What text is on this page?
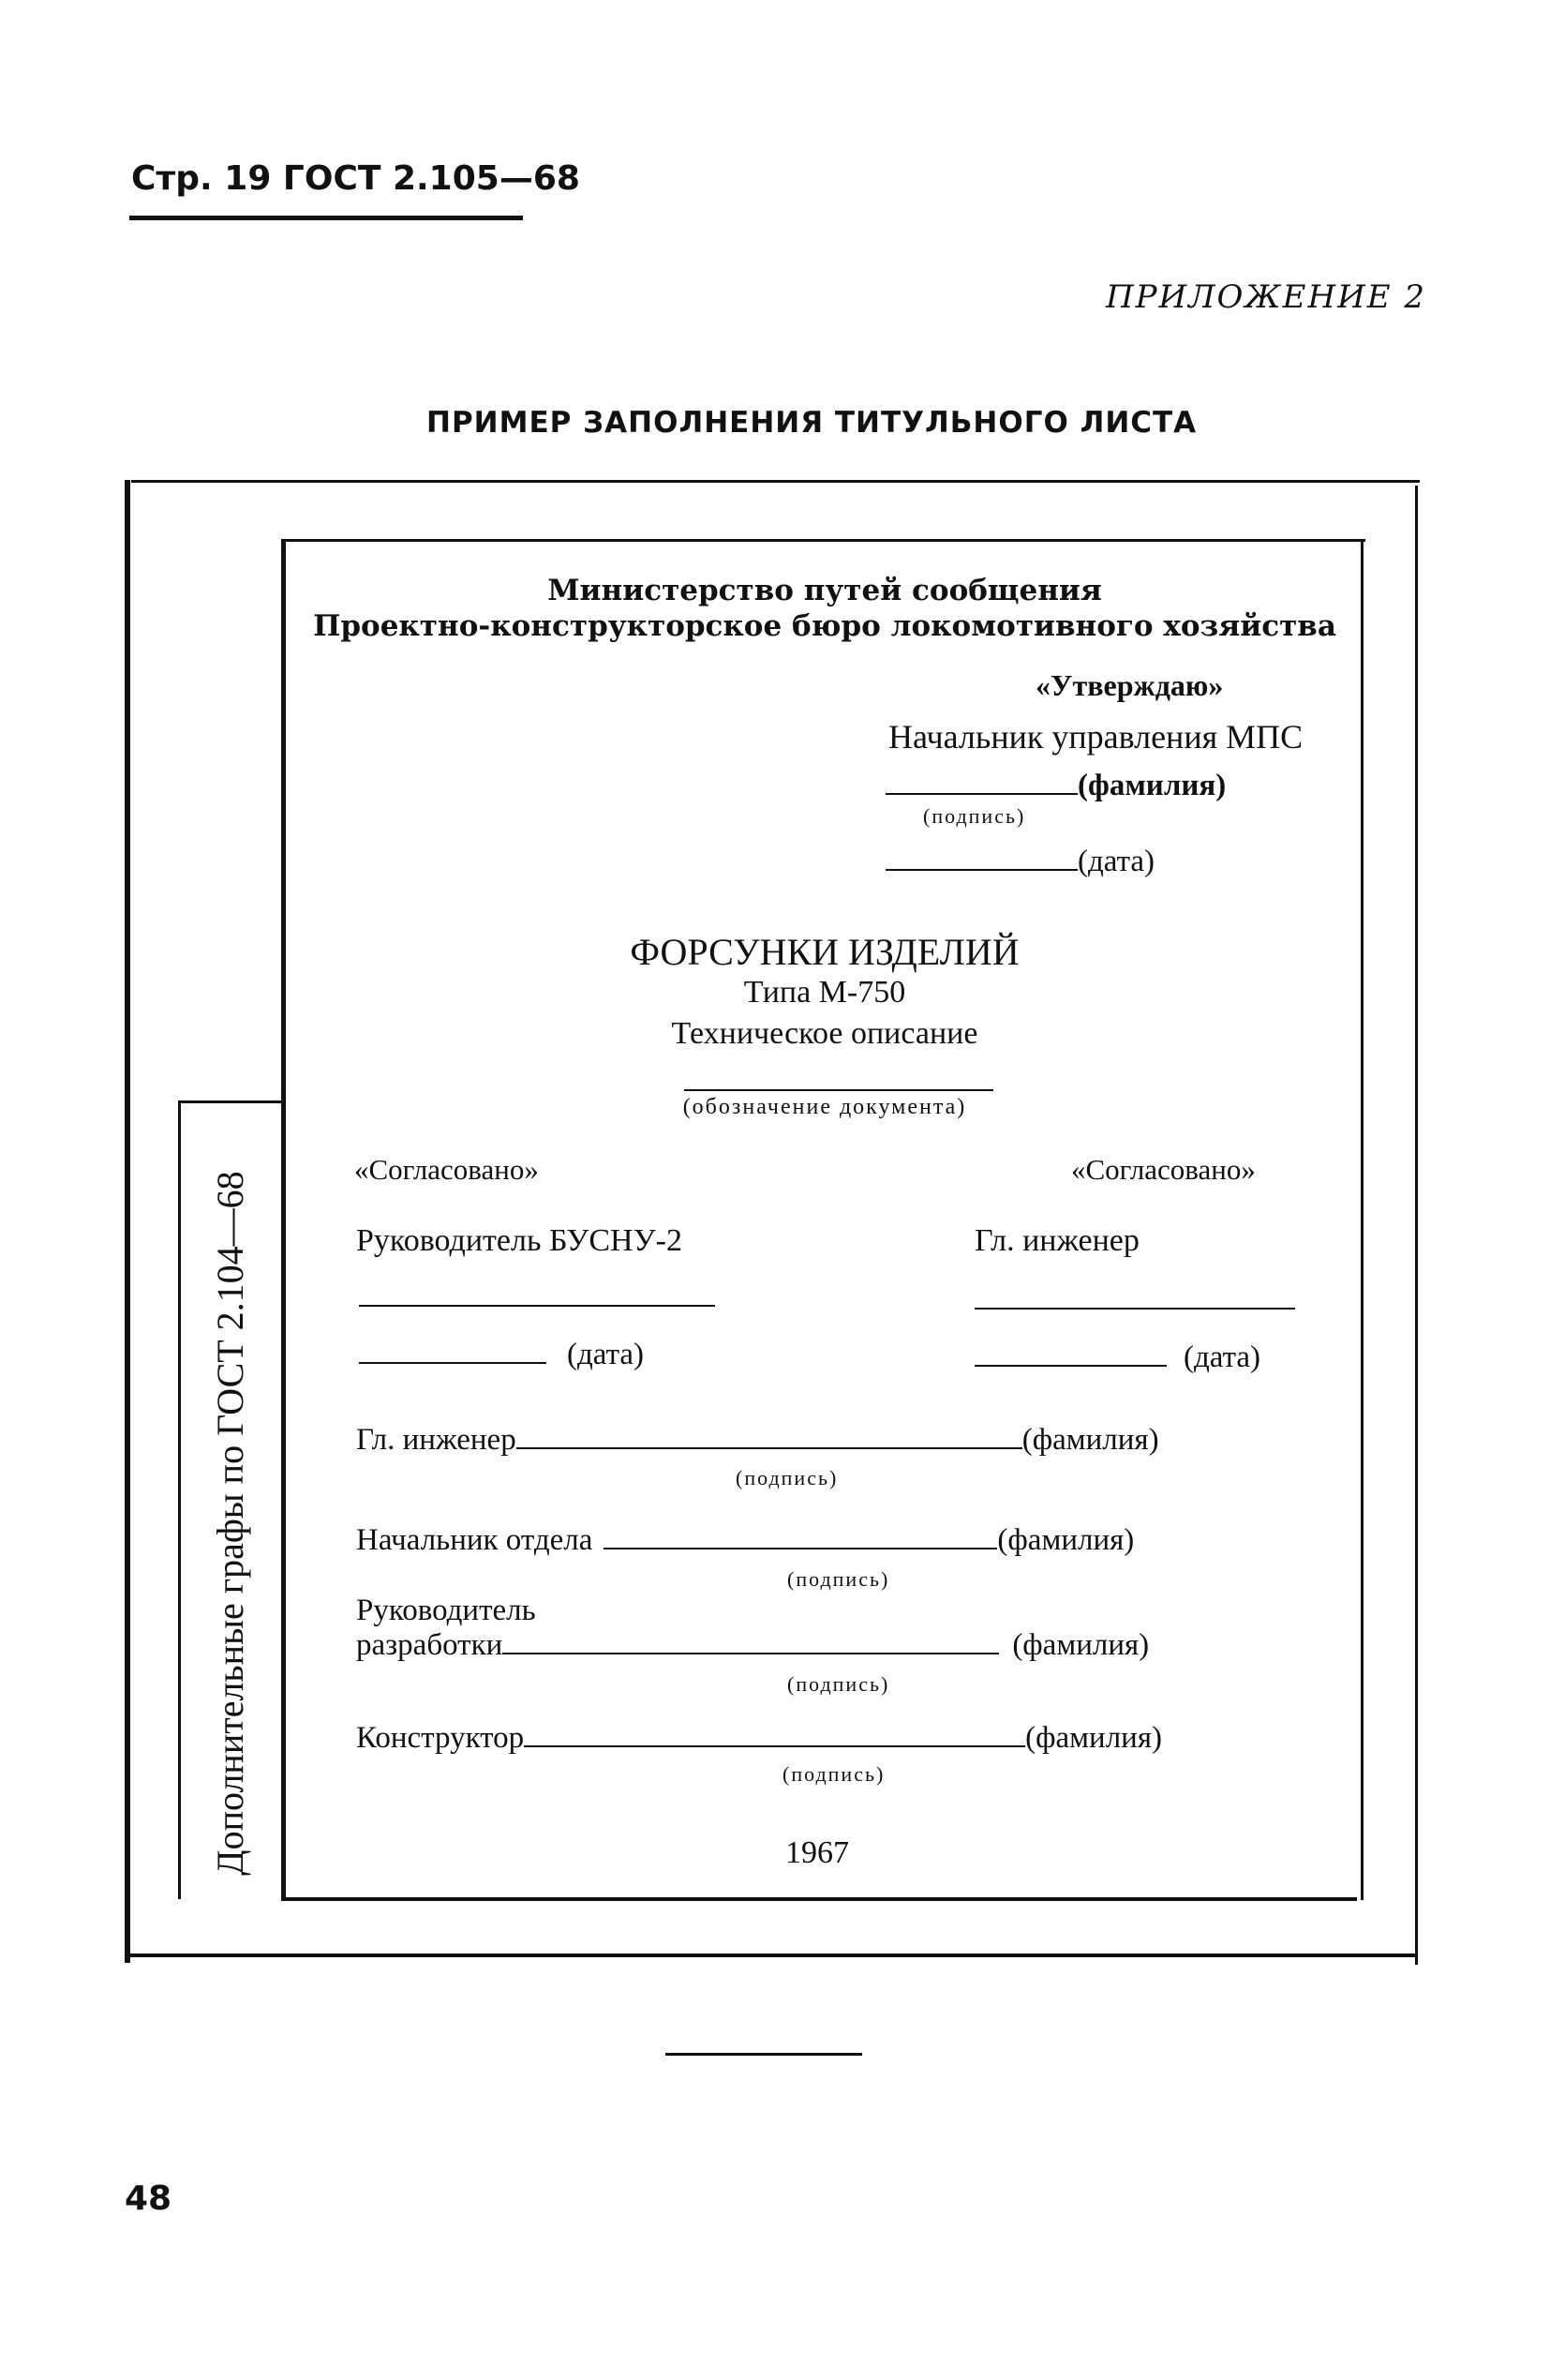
Стр. 19 ГОСТ 2.105—68
ПРИЛОЖЕНИЕ 2
ПРИМЕР ЗАПОЛНЕНИЯ ТИТУЛЬНОГО ЛИСТА
Дополнительные графы по ГОСТ 2.104—68
Министерство путей сообщения
Проектно-конструкторское бюро локомотивного хозяйства
«Утверждаю»
Начальник управления МПС
(фамилия)
(подпись)
(дата)
ФОРСУНКИ ИЗДЕЛИЙ
Типа М-750
Техническое описание
(обозначение документа)
«Согласовано»	«Согласовано»
Руководитель БУСНУ-2	Гл. инженер
(дата)	(дата)
Гл. инженер	(фамилия)
(подпись)
Начальник отдела	(фамилия)
(подпись)
Руководитель
разработки	(фамилия)
(подпись)
Конструктор	(фамилия)
(подпись)
1967
48
